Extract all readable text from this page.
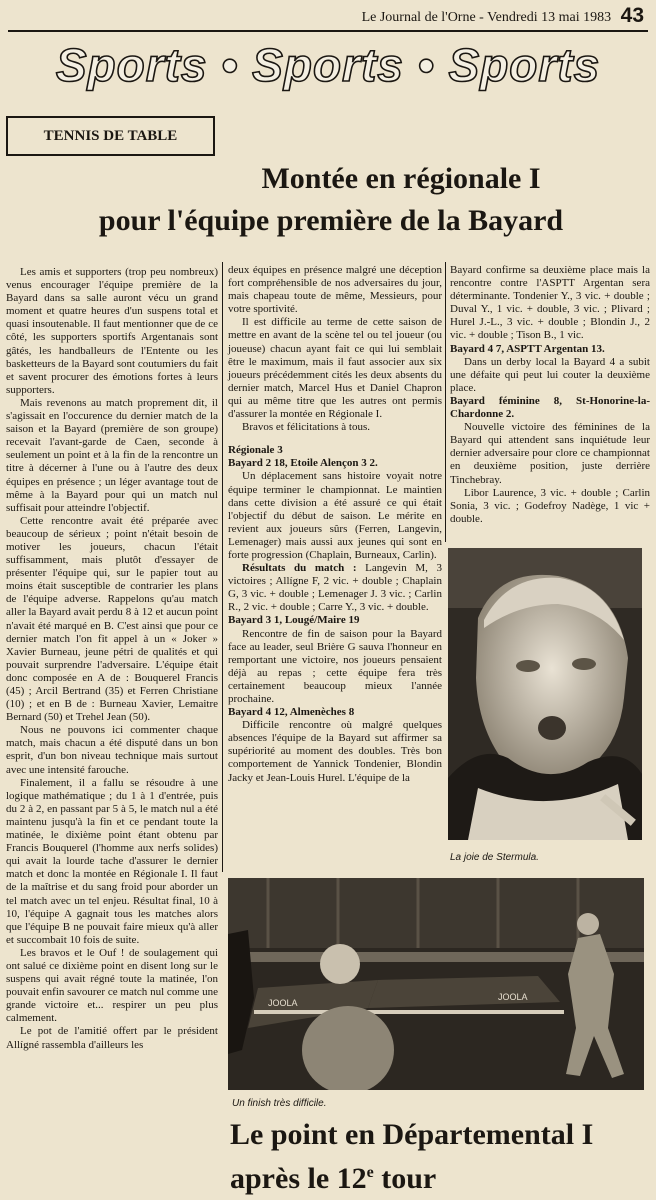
Le Journal de l'Orne - Vendredi 13 mai 1983 43
Sports • Sports • Sports
TENNIS DE TABLE
Montée en régionale I
pour l'équipe première de la Bayard

Les amis et supporters (trop peu nombreux) venus encourager l'équipe première de la Bayard dans sa salle auront vécu un grand moment et quatre heures d'un suspens total et quasi insoutenable. Il faut mentionner que de ce côté, les supporters sportifs Argentanais sont gâtés, les handballeurs de l'Entente ou les basketteurs de la Bayard sont coutumiers du fait et savent procurer des émotions fortes à leurs supporters.

Mais revenons au match proprement dit, il s'agissait en l'occurence du dernier match de la saison et la Bayard (première de son groupe) recevait l'avant-garde de Caen, seconde à seulement un point et à la fin de la rencontre un titre à décerner à l'une ou à l'autre des deux équipes en présence ; un léger avantage tout de même à la Bayard pour qui un match nul suffisait pour atteindre l'objectif.

Cette rencontre avait été préparée avec beaucoup de sérieux ; point n'était besoin de motiver les joueurs, chacun l'était suffisamment, mais plutôt d'essayer de présenter l'équipe qui, sur le papier tout au moins était susceptible de contrarier les plans de l'équipe adverse. Rappelons qu'au match aller la Bayard avait perdu 8 à 12 et aucun point n'avait été marqué en B. C'est ainsi que pour ce dernier match l'on fit appel à un « Joker » Xavier Burneau, jeune pétri de qualités et qui pouvait surprendre l'adversaire. L'équipe était donc composée en A de : Bouquerel Francis (45) ; Arcil Bertrand (35) et Ferren Christiane (10) ; et en B de : Burneau Xavier, Lemaitre Bernard (50) et Trehel Jean (50).

Nous ne pouvons ici commenter chaque match, mais chacun a été disputé dans un bon esprit, d'un bon niveau technique mais surtout avec une intensité farouche.

Finalement, il a fallu se résoudre à une logique mathématique ; du 1 à 1 d'entrée, puis du 2 à 2, en passant par 5 à 5, le match nul a été maintenu jusqu'à la fin et ce pendant toute la matinée, le dixième point étant obtenu par Francis Bouquerel (l'homme aux nerfs solides) qui avait la lourde tache d'assurer le dernier match et donc la montée en Régionale I. Il faut de la maîtrise et du sang froid pour aborder un tel match avec un tel enjeu. Résultat final, 10 à 10, l'équipe A gagnait tous les matches alors que l'équipe B ne pouvait faire mieux qu'à aller et succombait 10 fois de suite.

Les bravos et le Ouf ! de soulagement qui ont salué ce dixième point en disent long sur le suspens qui avait régné toute la matinée, l'on pouvait enfin savourer ce match nul comme une grande victoire et... respirer un peu plus calmement.

Le pot de l'amitié offert par le président Allígné rassembla d'ailleurs les

deux équipes en présence malgré une déception fort compréhensible de nos adversaires du jour, mais chapeau toute de même, Messieurs, pour votre sportivité.

Il est difficile au terme de cette saison de mettre en avant de la scène tel ou tel joueur (ou joueuse) chacun ayant fait ce qui lui semblait être le maximum, mais il faut associer aux six joueurs précédemment cités les deux absents du dernier match, Marcel Hus et Daniel Chapron qui au même titre que les autres ont permis d'assurer la montée en Régionale I.

Bravos et félicitations à tous.

Régionale 3

Bayard 2 18, Etoile Alençon 3 2.

Un déplacement sans histoire voyait notre équipe terminer le championnat. Le maintien dans cette division a été assuré ce qui était l'objectif du début de saison. Le mérite en revient aux joueurs sûrs (Ferren, Langevin, Lemenager) mais aussi aux jeunes qui sont en forte progression (Chaplain, Burneaux, Carlin).

Résultats du match : Langevin M, 3 victoires ; Allígne F, 2 vic. + double ; Chaplain G, 3 vic. + double ; Lemenager J. 3 vic. ; Carlin R., 2 vic. + double ; Carre Y., 3 vic. + double.

Bayard 3 1, Lougé/Maire 19

Rencontre de fin de saison pour la Bayard face au leader, seul Brière G sauva l'honneur en remportant une victoire, nos joueurs pensaient déjà au repas ; cette équipe fera très certainement beaucoup mieux l'année prochaine.

Bayard 4 12, Almenèches 8

Difficile rencontre où malgré quelques absences l'équipe de la Bayard sut affirmer sa supériorité au moment des doubles. Très bon comportement de Yannick Tondenier, Blondin Jacky et Jean-Louis Hurel. L'équipe de la

Bayard confirme sa deuxième place mais la rencontre contre l'ASPTT Argentan sera déterminante. Tondenier Y., 3 vic. + double ; Duval Y., 1 vic. + double, 3 vic. ; Plivard ; Hurel J.-L., 3 vic. + double ; Blondin J., 2 vic. + double ; Tison B., 1 vic.

Bayard 4 7, ASPTT Argentan 13.

Dans un derby local la Bayard 4 a subit une défaite qui peut lui couter la deuxième place.

Bayard féminine 8, St-Honorine-la-Chardonne 2.

Nouvelle victoire des féminines de la Bayard qui attendent sans inquiétude leur dernier adversaire pour clore ce championnat en deuxième position, juste derrière Tinchebray.

Libor Laurence, 3 vic. + double ; Carlin Sonia, 3 vic. ; Godefroy Nadège, 1 vic + double.

La joie de Stermula.
JOOLA
JOOLA
Un finish très difficile.
Le point en Départemental I
après le 12e tour
